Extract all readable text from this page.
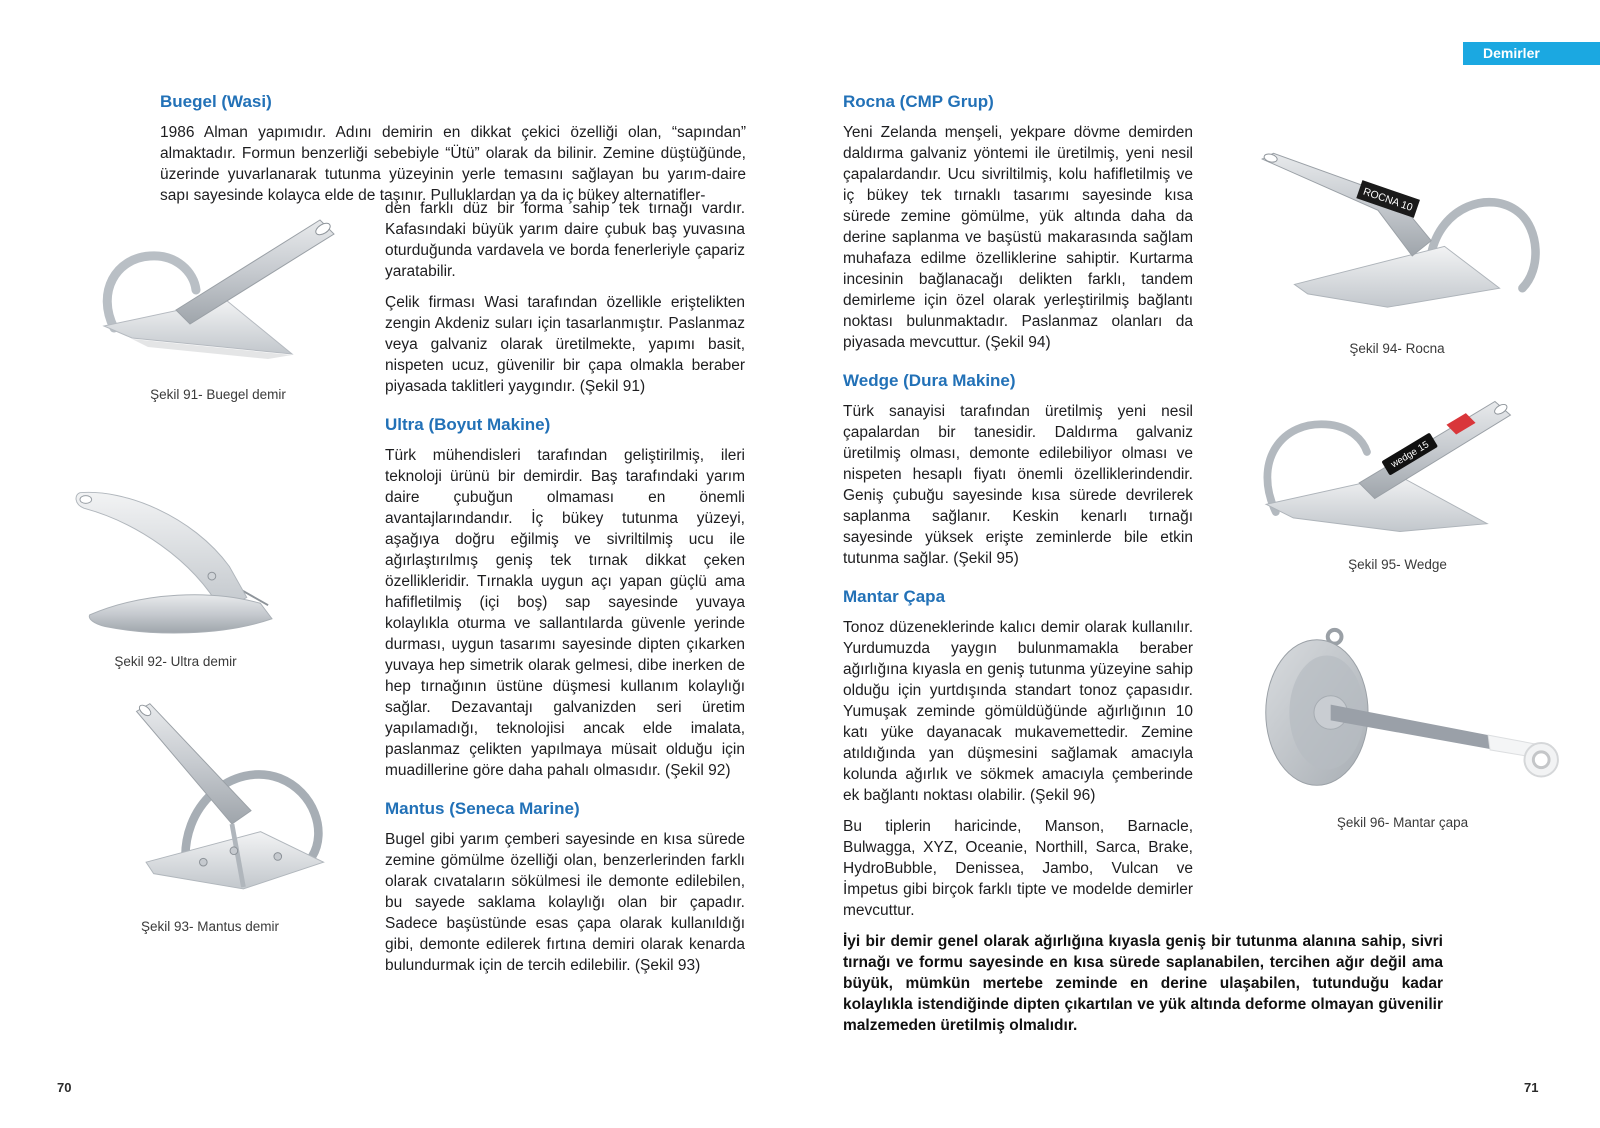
Demirler
Buegel (Wasi)

1986 Alman yapımıdır. Adını demirin en dikkat çekici özelliği olan, “sapından” almaktadır. Formun benzerliği sebebiyle “Ütü” olarak da bilinir. Zemine düştüğünde, üzerinde yuvarlanarak tutunma yüzeyinin yerle temasını sağlayan bu yarım-daire sapı sayesinde kolayca elde de taşınır. Pulluklardan ya da iç bükey alternatifler-

Şekil 91- Buegel demir

den farklı düz bir forma sahip tek tırnağı vardır. Kafasındaki büyük yarım daire çubuk baş yuvasına oturduğunda vardavela ve borda fenerleriyle çapariz yaratabilir.

Çelik firması Wasi tarafından özellikle eriştelikten zengin Akdeniz suları için tasarlanmıştır. Paslanmaz veya galvaniz olarak üretilmekte, yapımı basit, nispeten ucuz, güvenilir bir çapa olmakla beraber piyasada taklitleri yaygındır. (Şekil 91)

Ultra (Boyut Makine)

Türk mühendisleri tarafından geliştirilmiş, ileri teknoloji ürünü bir demirdir. Baş tarafındaki yarım daire çubuğun olmaması en önemli avantajlarındandır. İç bükey tutunma yüzeyi, aşağıya doğru eğilmiş ve sivriltilmiş ucu ile ağırlaştırılmış geniş tek tırnak dikkat çeken özellikleridir. Tırnakla uygun açı yapan güçlü ama hafifletilmiş (içi boş) sap sayesinde yuvaya kolaylıkla oturma ve sallantılarda güvenle yerinde durması, uygun tasarımı sayesinde dipten çıkarken yuvaya hep simetrik olarak gelmesi, dibe inerken de hep tırnağının üstüne düşmesi kullanım kolaylığı sağlar. Dezavantajı galvanizden seri üretim yapılamadığı, teknolojisi ancak elde imalata, paslanmaz çelikten yapılmaya müsait olduğu için muadillerine göre daha pahalı olmasıdır. (Şekil 92)

Mantus (Seneca Marine)

Bugel gibi yarım çemberi sayesinde en kısa sürede zemine gömülme özelliği olan, benzerlerinden farklı olarak cıvataların sökülmesi ile demonte edilebilen, bu sayede saklama kolaylığı olan bir çapadır. Sadece başüstünde esas çapa olarak kullanıldığı gibi, demonte edilerek fırtına demiri olarak kenarda bulundurmak için de tercih edilebilir. (Şekil 93)

Şekil 92- Ultra demir
Şekil 93- Mantus demir
70
Rocna (CMP Grup)

Yeni Zelanda menşeli, yekpare dövme demirden daldırma galvaniz yöntemi ile üretilmiş, yeni nesil çapalardandır. Ucu sivriltilmiş, kolu hafifletilmiş ve iç bükey tek tırnaklı tasarımı sayesinde kısa sürede zemine gömülme, yük altında daha da derine saplanma ve başüstü makarasında sağlam muhafaza edilme özelliklerine sahiptir. Kurtarma incesinin bağlanacağı delikten farklı, tandem demirleme için özel olarak yerleştirilmiş bağlantı noktası bulunmaktadır. Paslanmaz olanları da piyasada mevcuttur. (Şekil 94)

Wedge (Dura Makine)

Türk sanayisi tarafından üretilmiş yeni nesil çapalardan bir tanesidir. Daldırma galvaniz üretilmiş olması, demonte edilebiliyor olması ve nispeten hesaplı fiyatı önemli özelliklerindendir. Geniş çubuğu sayesinde kısa sürede devrilerek saplanma sağlanır. Keskin kenarlı tırnağı sayesinde yüksek erişte zeminlerde bile etkin tutunma sağlar. (Şekil 95)

Mantar Çapa

Tonoz düzeneklerinde kalıcı demir olarak kullanılır. Yurdumuzda yaygın bulunmamakla beraber ağırlığına kıyasla en geniş tutunma yüzeyine sahip olduğu için yurtdışında standart tonoz çapasıdır. Yumuşak zeminde gömüldüğünde ağırlığının 10 katı yüke dayanacak mukavemettedir. Zemine atıldığında yan düşmesini sağlamak amacıyla kolunda ağırlık ve sökmek amacıyla çemberinde ek bağlantı noktası olabilir. (Şekil 96)

Bu tiplerin haricinde, Manson, Barnacle, Bulwagga, XYZ, Oceanie, Northill, Sarca, Brake, HydroBubble, Denissea, Jambo, Vulcan ve İmpetus gibi birçok farklı tipte ve modelde demirler mevcuttur.

İyi bir demir genel olarak ağırlığına kıyasla geniş bir tutunma alanına sahip, sivri tırnağı ve formu sayesinde en kısa sürede saplanabilen, tercihen ağır değil ama büyük, mümkün mertebe zeminde en derine ulaşabilen, tutunduğu kadar kolaylıkla istendiğinde dipten çıkartılan ve yük altında deforme olmayan güvenilir malzemeden üretilmiş olmalıdır.

ROCNA 10
Şekil 94- Rocna
wedge 15
Şekil 95- Wedge
Şekil 96- Mantar çapa
71
